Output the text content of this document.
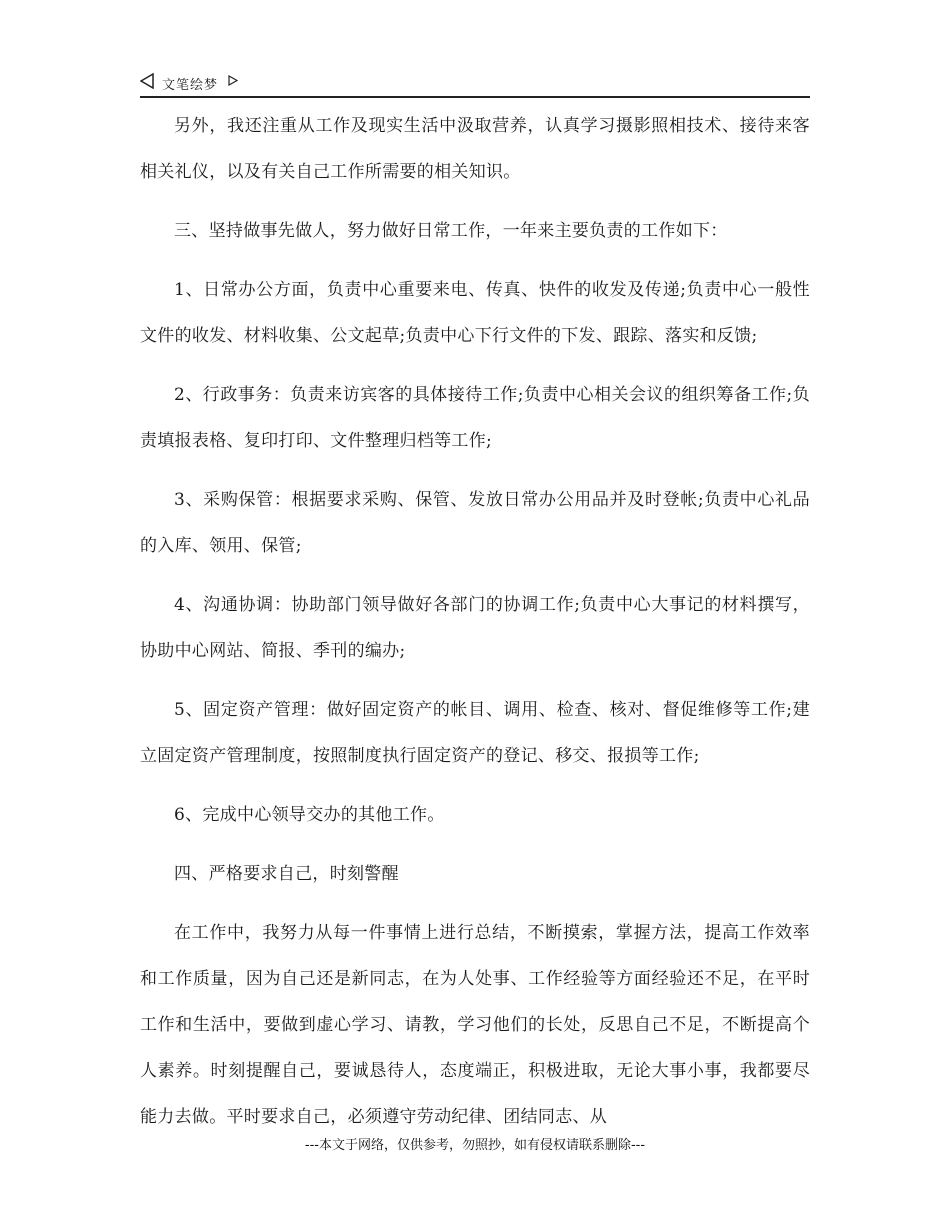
文笔绘梦

另外，我还注重从工作及现实生活中汲取营养，认真学习摄影照相技术、接待来客相关礼仪，以及有关自己工作所需要的相关知识。

三、坚持做事先做人，努力做好日常工作，一年来主要负责的工作如下：

1、日常办公方面，负责中心重要来电、传真、快件的收发及传递;负责中心一般性文件的收发、材料收集、公文起草;负责中心下行文件的下发、跟踪、落实和反馈;

2、行政事务：负责来访宾客的具体接待工作;负责中心相关会议的组织筹备工作;负责填报表格、复印打印、文件整理归档等工作;

3、采购保管：根据要求采购、保管、发放日常办公用品并及时登帐;负责中心礼品的入库、领用、保管;

4、沟通协调：协助部门领导做好各部门的协调工作;负责中心大事记的材料撰写，协助中心网站、简报、季刊的编办;

5、固定资产管理：做好固定资产的帐目、调用、检查、核对、督促维修等工作;建立固定资产管理制度，按照制度执行固定资产的登记、移交、报损等工作;

6、完成中心领导交办的其他工作。

四、严格要求自己，时刻警醒

在工作中，我努力从每一件事情上进行总结，不断摸索，掌握方法，提高工作效率和工作质量，因为自己还是新同志，在为人处事、工作经验等方面经验还不足，在平时工作和生活中，要做到虚心学习、请教，学习他们的长处，反思自己不足，不断提高个人素养。时刻提醒自己，要诚恳待人，态度端正，积极进取，无论大事小事，我都要尽能力去做。平时要求自己，必须遵守劳动纪律、团结同志、从

---本文于网络，仅供参考，勿照抄，如有侵权请联系删除---
